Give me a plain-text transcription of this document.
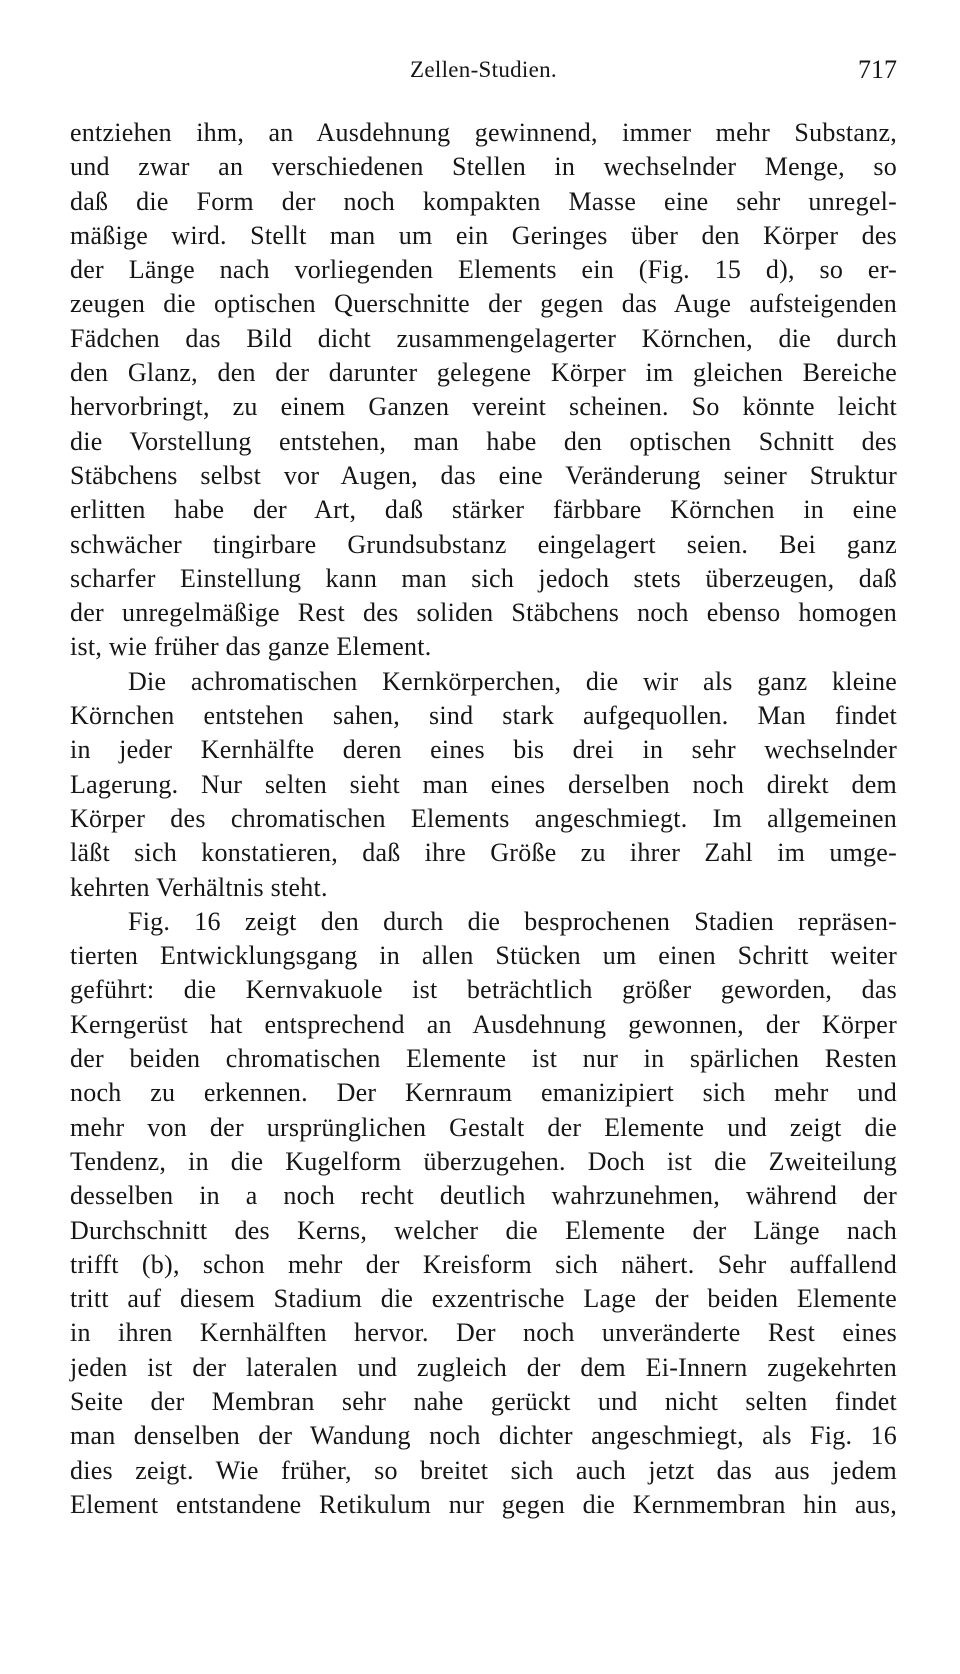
Zellen-Studien.	717
entziehen ihm, an Ausdehnung gewinnend, immer mehr Substanz,
und zwar an verschiedenen Stellen in wechselnder Menge, so
daß die Form der noch kompakten Masse eine sehr unregel-
mäßige wird. Stellt man um ein Geringes über den Körper des
der Länge nach vorliegenden Elements ein (Fig. 15 d), so er-
zeugen die optischen Querschnitte der gegen das Auge aufsteigenden
Fädchen das Bild dicht zusammengelagerter Körnchen, die durch
den Glanz, den der darunter gelegene Körper im gleichen Bereiche
hervorbringt, zu einem Ganzen vereint scheinen. So könnte leicht
die Vorstellung entstehen, man habe den optischen Schnitt des
Stäbchens selbst vor Augen, das eine Veränderung seiner Struktur
erlitten habe der Art, daß stärker färbbare Körnchen in eine
schwächer tingirbare Grundsubstanz eingelagert seien. Bei ganz
scharfer Einstellung kann man sich jedoch stets überzeugen, daß
der unregelmäßige Rest des soliden Stäbchens noch ebenso homogen
ist, wie früher das ganze Element.
Die achromatischen Kernkörperchen, die wir als ganz kleine
Körnchen entstehen sahen, sind stark aufgequollen. Man findet
in jeder Kernhälfte deren eines bis drei in sehr wechselnder
Lagerung. Nur selten sieht man eines derselben noch direkt dem
Körper des chromatischen Elements angeschmiegt. Im allgemeinen
läßt sich konstatieren, daß ihre Größe zu ihrer Zahl im umge-
kehrten Verhältnis steht.
Fig. 16 zeigt den durch die besprochenen Stadien repräsen-
tierten Entwicklungsgang in allen Stücken um einen Schritt weiter
geführt: die Kernvakuole ist beträchtlich größer geworden, das
Kerngerüst hat entsprechend an Ausdehnung gewonnen, der Körper
der beiden chromatischen Elemente ist nur in spärlichen Resten
noch zu erkennen. Der Kernraum emanizipiert sich mehr und
mehr von der ursprünglichen Gestalt der Elemente und zeigt die
Tendenz, in die Kugelform überzugehen. Doch ist die Zweiteilung
desselben in a noch recht deutlich wahrzunehmen, während der
Durchschnitt des Kerns, welcher die Elemente der Länge nach
trifft (b), schon mehr der Kreisform sich nähert. Sehr auffallend
tritt auf diesem Stadium die exzentrische Lage der beiden Elemente
in ihren Kernhälften hervor. Der noch unveränderte Rest eines
jeden ist der lateralen und zugleich der dem Ei-Innern zugekehrten
Seite der Membran sehr nahe gerückt und nicht selten findet
man denselben der Wandung noch dichter angeschmiegt, als Fig. 16
dies zeigt. Wie früher, so breitet sich auch jetzt das aus jedem
Element entstandene Retikulum nur gegen die Kernmembran hin aus,
